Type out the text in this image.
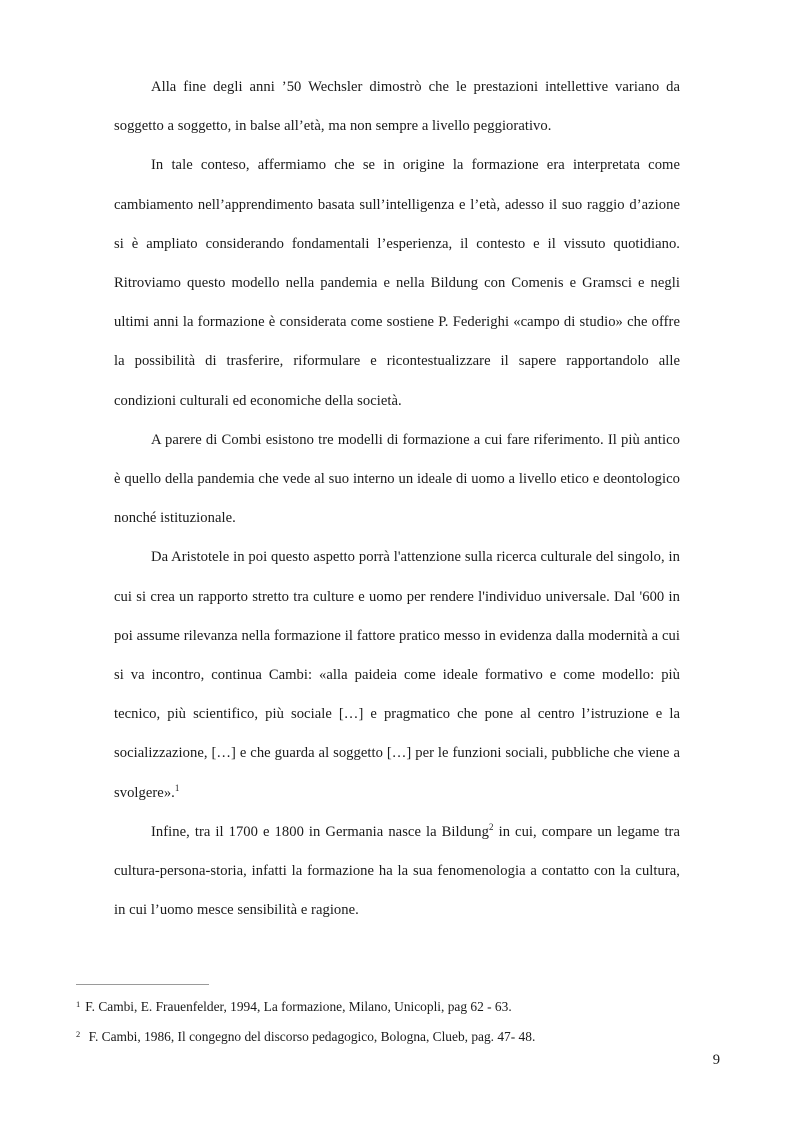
Alla fine degli anni ’50 Wechsler dimostrò che le prestazioni intellettive variano da soggetto a soggetto, in balse all’età, ma non sempre a livello peggiorativo.

In tale conteso, affermiamo che se in origine la formazione era interpretata come cambiamento nell’apprendimento basata sull’intelligenza e l’età, adesso il suo raggio d’azione si è ampliato considerando fondamentali l’esperienza, il contesto e il vissuto quotidiano. Ritroviamo questo modello nella pandemia e nella Bildung con Comenis e Gramsci e negli ultimi anni la formazione è considerata come sostiene P. Federighi «campo di studio» che offre la possibilità di trasferire, riformulare e ricontestualizzare il sapere rapportandolo alle condizioni culturali ed economiche della società.

A parere di Combi esistono tre modelli di formazione a cui fare riferimento. Il più antico è quello della pandemia che vede al suo interno un ideale di uomo a livello etico e deontologico nonché istituzionale.

Da Aristotele in poi questo aspetto porrà l'attenzione sulla ricerca culturale del singolo, in cui si crea un rapporto stretto tra culture e uomo per rendere l'individuo universale. Dal '600 in poi assume rilevanza nella formazione il fattore pratico messo in evidenza dalla modernità a cui si va incontro, continua Cambi: «alla paideia come ideale formativo e come modello: più tecnico, più scientifico, più sociale […] e pragmatico che pone al centro l’istruzione e la socializzazione, […] e che guarda al soggetto […] per le funzioni sociali, pubbliche che viene a svolgere».$^1$

Infine, tra il 1700 e 1800 in Germania nasce la Bildung$^2$ in cui, compare un legame tra cultura-persona-storia, infatti la formazione ha la sua fenomenologia a contatto con la cultura, in cui l’uomo mesce sensibilità e ragione.

$^1$ F. Cambi, E. Frauenfelder, 1994, La formazione, Milano, Unicopli, pag 62 - 63.

$^2$ F. Cambi, 1986, Il congegno del discorso pedagogico, Bologna, Clueb, pag. 47- 48.

9
